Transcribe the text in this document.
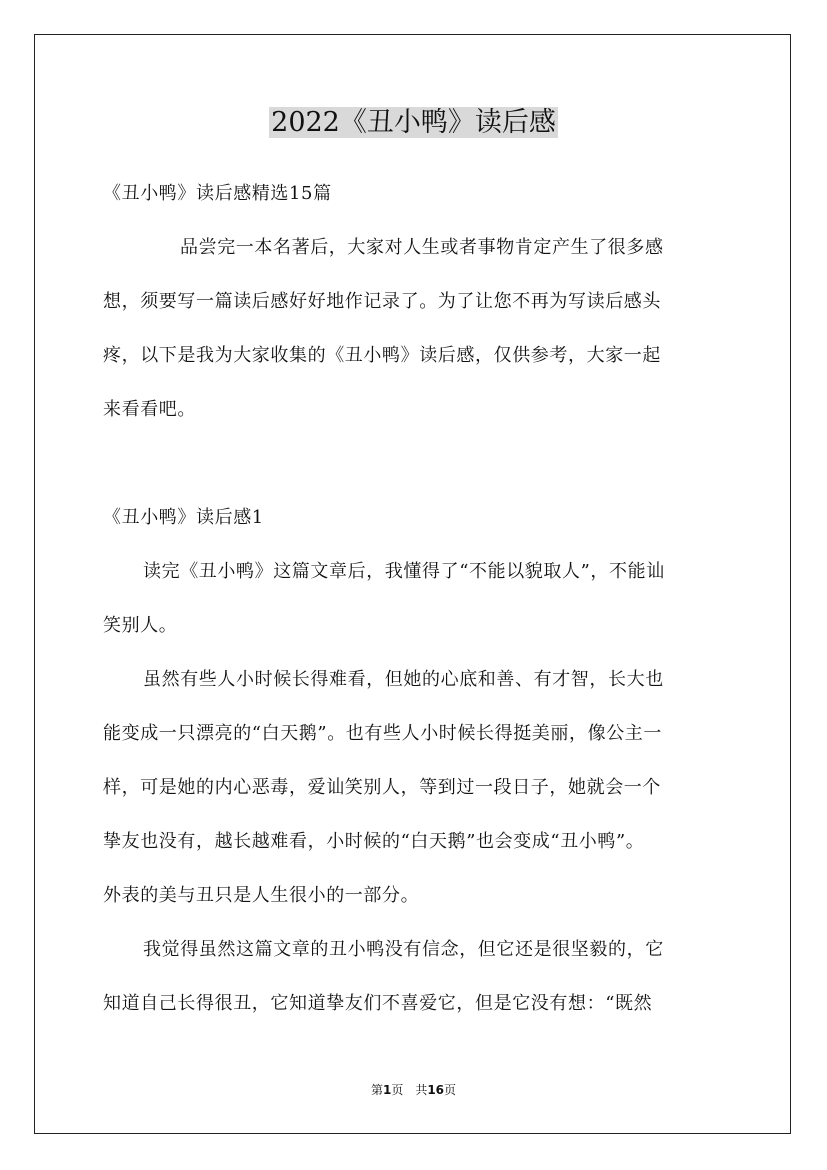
2022《丑小鸭》读后感
《丑小鸭》读后感精选15篇
品尝完一本名著后，大家对人生或者事物肯定产生了很多感
想，须要写一篇读后感好好地作记录了。为了让您不再为写读后感头
疼，以下是我为大家收集的《丑小鸭》读后感，仅供参考，大家一起
来看看吧。
《丑小鸭》读后感1
读完《丑小鸭》这篇文章后，我懂得了“不能以貌取人”，不能讪
笑别人。
虽然有些人小时候长得难看，但她的心底和善、有才智，长大也
能变成一只漂亮的“白天鹅”。也有些人小时候长得挺美丽，像公主一
样，可是她的内心恶毒，爱讪笑别人，等到过一段日子，她就会一个
挚友也没有，越长越难看，小时候的“白天鹅”也会变成“丑小鸭”。
外表的美与丑只是人生很小的一部分。
我觉得虽然这篇文章的丑小鸭没有信念，但它还是很坚毅的，它
知道自己长得很丑，它知道挚友们不喜爱它，但是它没有想：“既然
第1页　共16页
